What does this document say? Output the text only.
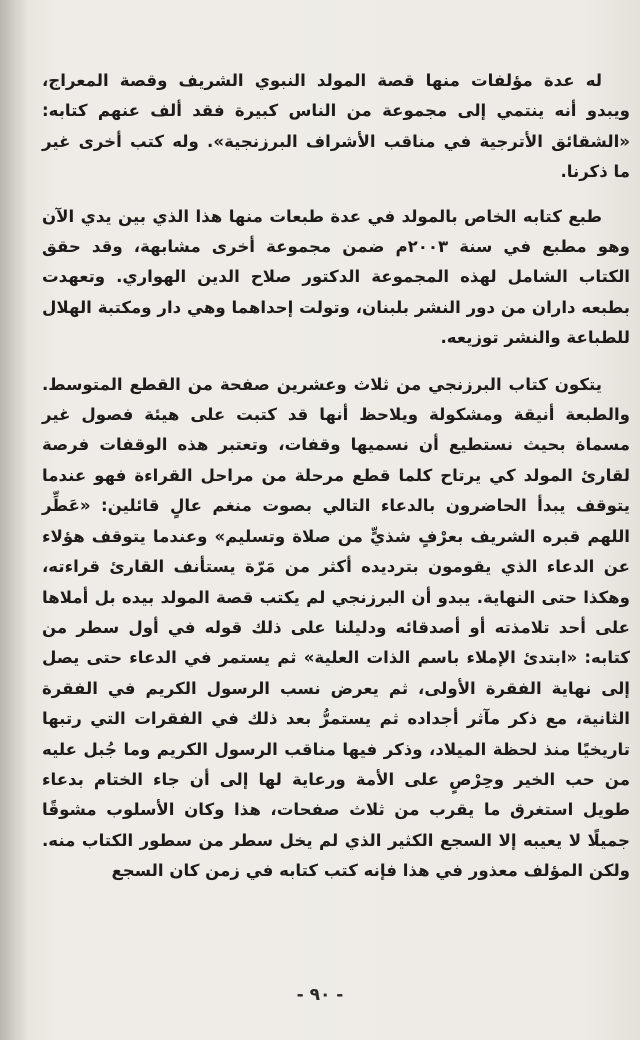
له عدة مؤلفات منها قصة المولد النبوي الشريف وقصة المعراج، ويبدو أنه ينتمي إلى مجموعة من الناس كبيرة فقد ألف عنهم كتابه: «الشقائق الأترجية في مناقب الأشراف البرزنجية». وله كتب أخرى غير ما ذكرنا.

طبع كتابه الخاص بالمولد في عدة طبعات منها هذا الذي بين يدي الآن وهو مطبع في سنة ٢٠٠٣م ضمن مجموعة أخرى مشابهة، وقد حقق الكتاب الشامل لهذه المجموعة الدكتور صلاح الدين الهواري. وتعهدت بطبعه داران من دور النشر بلبنان، وتولت إحداهما وهي دار ومكتبة الهلال للطباعة والنشر توزيعه.

يتكون كتاب البرزنجي من ثلاث وعشرين صفحة من القطع المتوسط. والطبعة أنيقة ومشكولة ويلاحظ أنها قد كتبت على هيئة فصول غير مسماة بحيث نستطيع أن نسميها وقفات، وتعتبر هذه الوقفات فرصة لقارئ المولد كي يرتاح كلما قطع مرحلة من مراحل القراءة فهو عندما يتوقف يبدأ الحاضرون بالدعاء التالي بصوت منغم عالٍ قائلين: «عَطِّر اللهم قبره الشريف بعرْفٍ شذيٍّ من صلاة وتسليم» وعندما يتوقف هؤلاء عن الدعاء الذي يقومون بترديده أكثر من مَرّة يستأنف القارئ قراءته، وهكذا حتى النهاية. يبدو أن البرزنجي لم يكتب قصة المولد بيده بل أملاها على أحد تلامذته أو أصدقائه ودليلنا على ذلك قوله في أول سطر من كتابه: «ابتدئ الإملاء باسم الذات العلية» ثم يستمر في الدعاء حتى يصل إلى نهاية الفقرة الأولى، ثم يعرض نسب الرسول الكريم في الفقرة الثانية، مع ذكر مآثر أجداده ثم يستمرُّ بعد ذلك في الفقرات التي رتبها تاريخيًا منذ لحظة الميلاد، وذكر فيها مناقب الرسول الكريم وما جُبل عليه من حب الخير وحِرْصٍ على الأمة ورعاية لها إلى أن جاء الختام بدعاء طويل استغرق ما يقرب من ثلاث صفحات، هذا وكان الأسلوب مشوقًا جميلًا لا يعيبه إلا السجع الكثير الذي لم يخل سطر من سطور الكتاب منه. ولكن المؤلف معذور في هذا فإنه كتب كتابه في زمن كان السجع

- ٩٠ -
